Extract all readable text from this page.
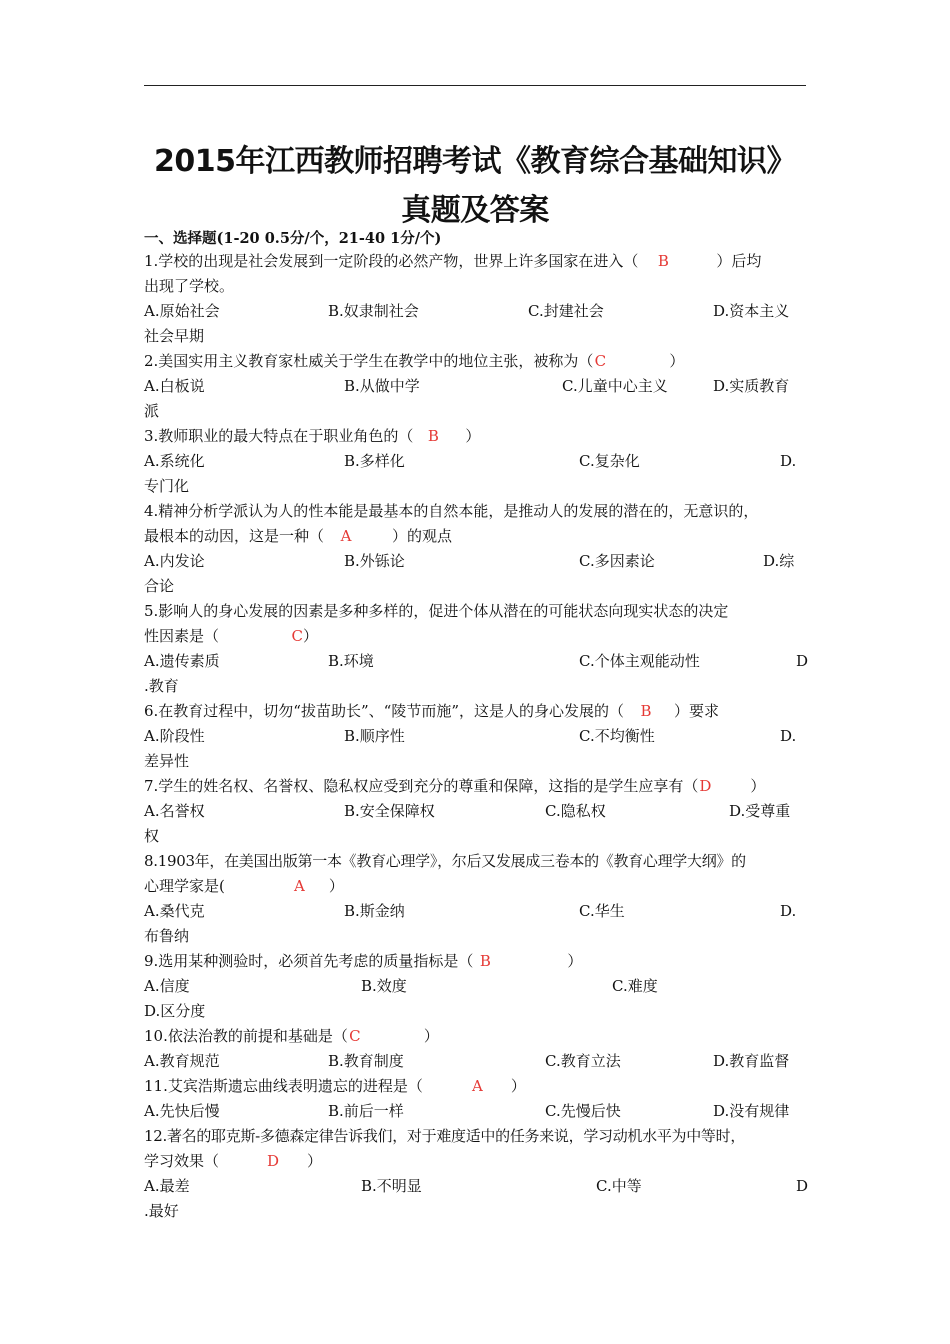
2015年江西教师招聘考试《教育综合基础知识》
真题及答案
一、选择题(1-20 0.5分/个，21-40 1分/个)
1.学校的出现是社会发展到一定阶段的必然产物，世界上许多国家在进入（ B	）后均
出现了学校。
A.原始社会	B.奴隶制社会	C.封建社会	D.资本主义
社会早期
2.美国实用主义教育家杜威关于学生在教学中的地位主张，被称为（C	）
A.白板说	B.从做中学	C.儿童中心主义	D.实质教育
派
3.教师职业的最大特点在于职业角色的（ B ）
A.系统化	B.多样化	C.复杂化	D.
专门化
4.精神分析学派认为人的性本能是最基本的自然本能，是推动人的发展的潜在的，无意识的，
最根本的动因，这是一种（ A	）的观点
A.内发论	B.外铄论	C.多因素论	D.综
合论
5.影响人的身心发展的因素是多种多样的，促进个体从潜在的可能状态向现实状态的决定
性因素是（	C）
A.遗传素质	B.环境	C.个体主观能动性	D
.教育
6.在教育过程中，切勿“拔苗助长”、“陵节而施”，这是人的身心发展的（ B ）要求
A.阶段性	B.顺序性	C.不均衡性	D.
差异性
7.学生的姓名权、名誉权、隐私权应受到充分的尊重和保障，这指的是学生应享有（D	）
A.名誉权	B.安全保障权	C.隐私权	D.受尊重
权
8.1903年，在美国出版第一本《教育心理学》，尔后又发展成三卷本的《教育心理学大纲》的
心理学家是(	A ）
A.桑代克	B.斯金纳	C.华生	D.
布鲁纳
9.选用某种测验时，必须首先考虑的质量指标是（ B	）
A.信度	B.效度	C.难度
D.区分度
10.依法治教的前提和基础是（C	）
A.教育规范	B.教育制度	C.教育立法	D.教育监督
11.艾宾浩斯遗忘曲线表明遗忘的进程是（	A ）
A.先快后慢	B.前后一样	C.先慢后快	D.没有规律
12.著名的耶克斯-多德森定律告诉我们，对于难度适中的任务来说，学习动机水平为中等时，
学习效果（	D ）
A.最差	B.不明显	C.中等	D
.最好
